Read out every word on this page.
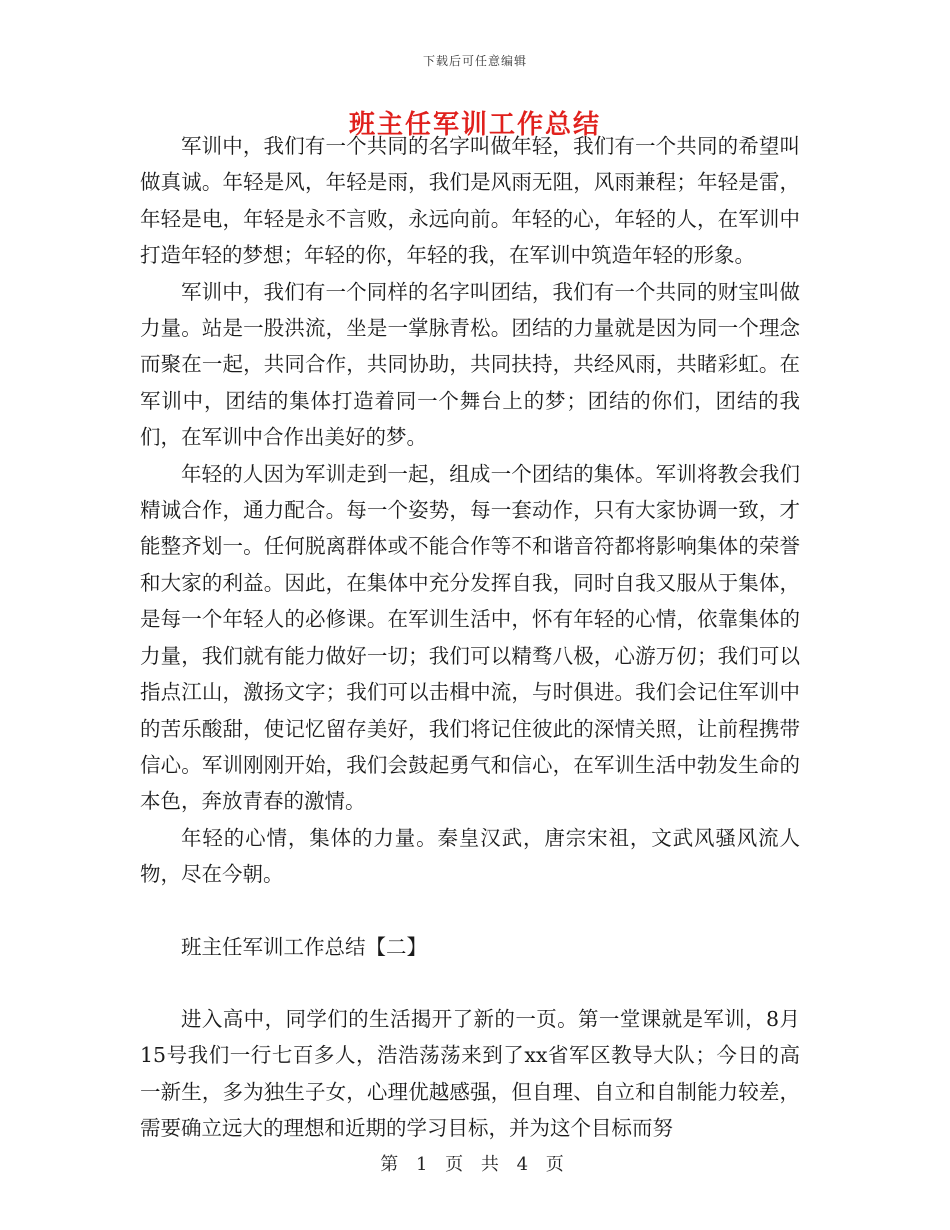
下载后可任意编辑
班主任军训工作总结

军训中，我们有一个共同的名字叫做年轻，我们有一个共同的希望叫做真诚。年轻是风，年轻是雨，我们是风雨无阻，风雨兼程；年轻是雷，年轻是电，年轻是永不言败，永远向前。年轻的心，年轻的人，在军训中打造年轻的梦想；年轻的你，年轻的我，在军训中筑造年轻的形象。

军训中，我们有一个同样的名字叫团结，我们有一个共同的财宝叫做力量。站是一股洪流，坐是一掌脉青松。团结的力量就是因为同一个理念而聚在一起，共同合作，共同协助，共同扶持，共经风雨，共睹彩虹。在军训中，团结的集体打造着同一个舞台上的梦；团结的你们，团结的我们，在军训中合作出美好的梦。

年轻的人因为军训走到一起，组成一个团结的集体。军训将教会我们精诚合作，通力配合。每一个姿势，每一套动作，只有大家协调一致，才能整齐划一。任何脱离群体或不能合作等不和谐音符都将影响集体的荣誉和大家的利益。因此，在集体中充分发挥自我，同时自我又服从于集体，是每一个年轻人的必修课。在军训生活中，怀有年轻的心情，依靠集体的力量，我们就有能力做好一切；我们可以精骛八极，心游万仞；我们可以指点江山，激扬文字；我们可以击楫中流，与时俱进。我们会记住军训中的苦乐酸甜，使记忆留存美好，我们将记住彼此的深情关照，让前程携带信心。军训刚刚开始，我们会鼓起勇气和信心，在军训生活中勃发生命的本色，奔放青春的激情。

年轻的心情，集体的力量。秦皇汉武，唐宗宋祖，文武风骚风流人物，尽在今朝。

班主任军训工作总结【二】

进入高中，同学们的生活揭开了新的一页。第一堂课就是军训，8月15号我们一行七百多人，浩浩荡荡来到了xx省军区教导大队；今日的高一新生，多为独生子女，心理优越感强，但自理、自立和自制能力较差，需要确立远大的理想和近期的学习目标，并为这个目标而努

第 1 页 共 4 页
